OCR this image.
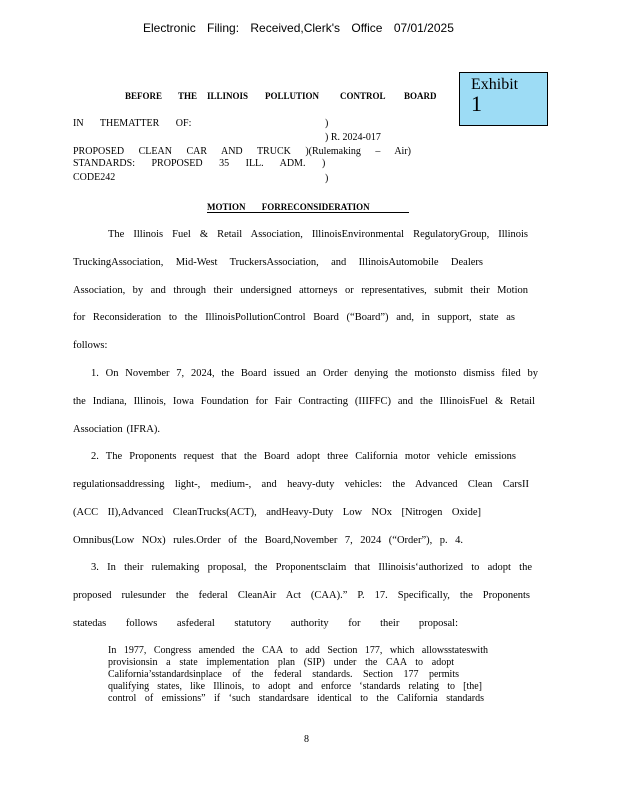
Electronic Filing: Received,Clerk's Office 07/01/2025
Exhibit
1
BEFORE THE ILLINOIS POLLUTION CONTROL BOARD
IN THEMATTER OF:	)
) R. 2024-017
PROPOSED CLEAN CAR AND TRUCK )(Rulemaking – Air)
STANDARDS: PROPOSED 35 ILL. ADM. )
CODE242	)
MOTION FORRECONSIDERATION
The Illinois Fuel & Retail Association, IllinoisEnvironmental RegulatoryGroup, Illinois
TruckingAssociation, Mid-West TruckersAssociation, and IllinoisAutomobile Dealers
Association, by and through their undersigned attorneys or representatives, submit their Motion
for Reconsideration to the IllinoisPollutionControl Board (“Board”) and, in support, state as
follows:
1. On November 7, 2024, the Board issued an Order denying the motionsto dismiss filed by
the Indiana, Illinois, Iowa Foundation for Fair Contracting (IIIFFC) and the IllinoisFuel & Retail
Association (IFRA).
2. The Proponents request that the Board adopt three California motor vehicle emissions
regulationsaddressing light-, medium-, and heavy-duty vehicles: the Advanced Clean CarsII
(ACC II),Advanced CleanTrucks(ACT), andHeavy-Duty Low NOx [Nitrogen Oxide]
Omnibus(Low NOx) rules.Order of the Board,November 7, 2024 (“Order”), p. 4.
3. In their rulemaking proposal, the Proponentsclaim that Illinoisis‘authorized to adopt the
proposed rulesunder the federal CleanAir Act (CAA).” P. 17. Specifically, the Proponents
statedas follows asfederal statutory authority for their proposal:
In 1977, Congress amended the CAA to add Section 177, which allowsstateswith
provisionsin a state implementation plan (SIP) under the CAA to adopt
California’sstandardsinplace of the federal standards. Section 177 permits
qualifying states, like Illinois, to adopt and enforce ‘standards relating to [the]
control of emissions” if ‘such standardsare identical to the California standards
8
